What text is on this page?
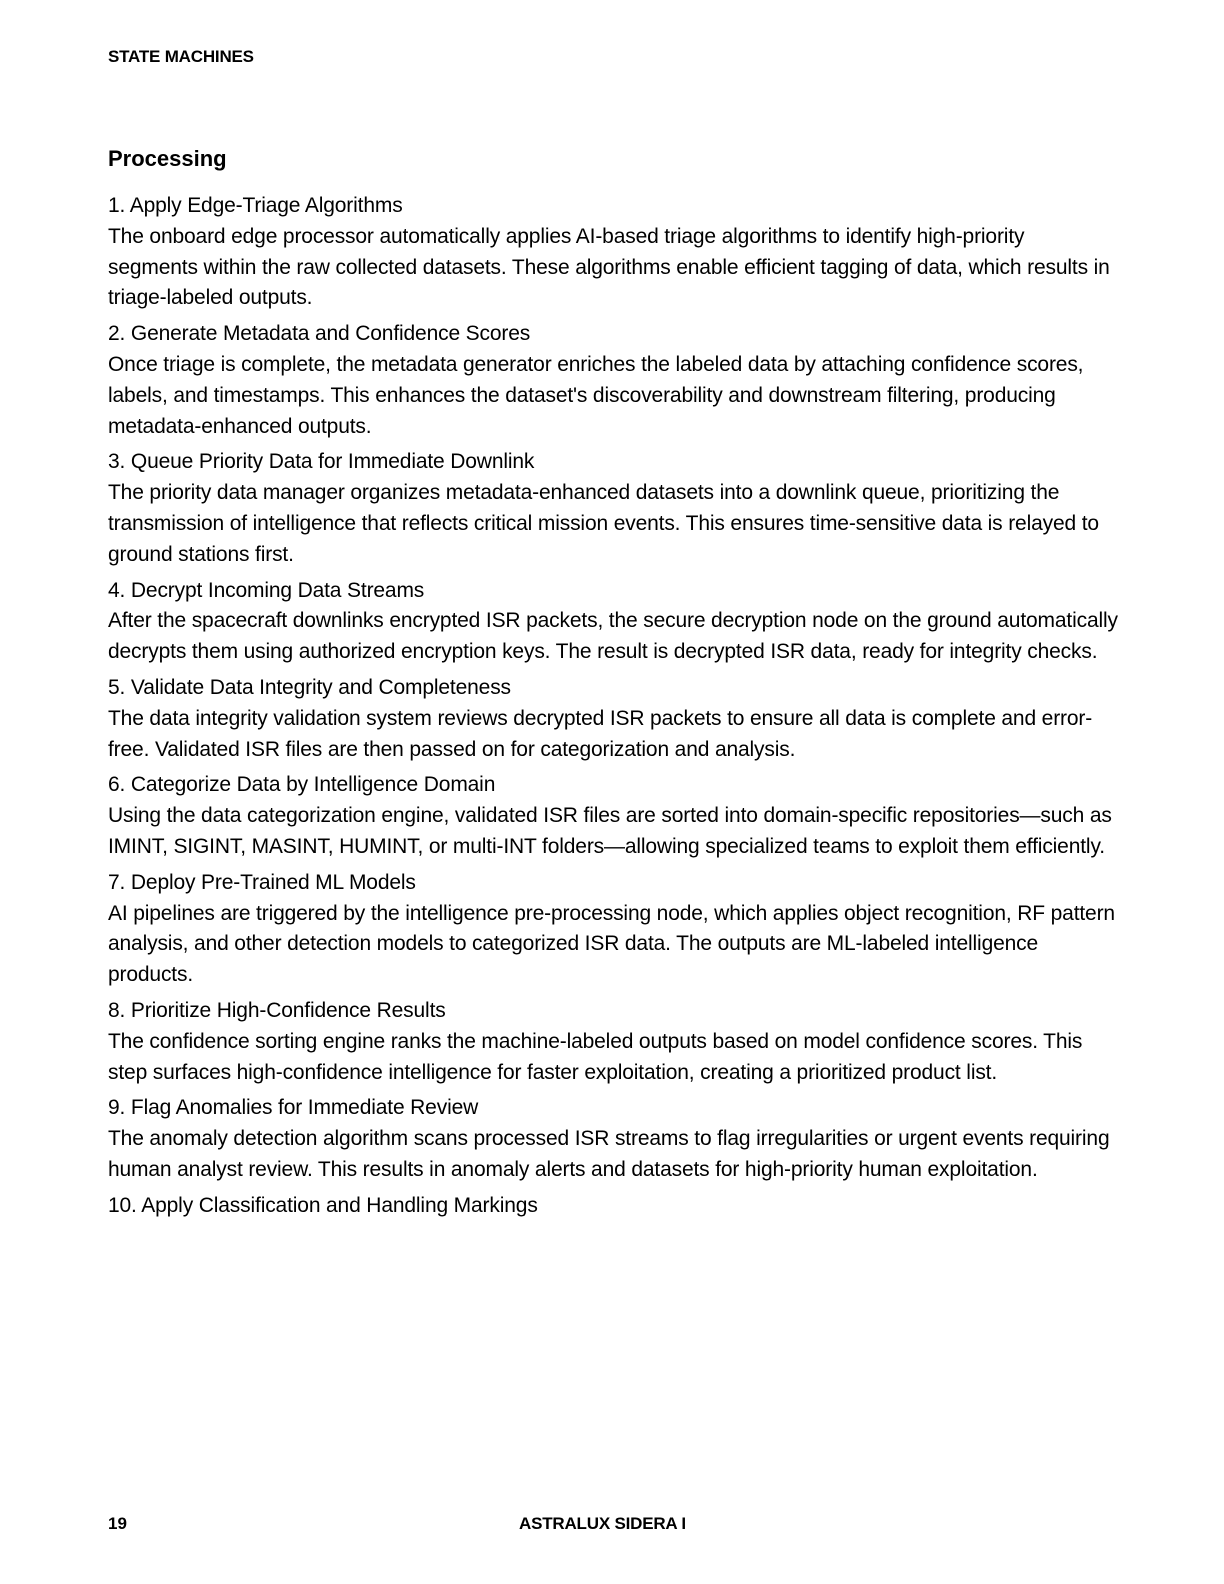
STATE MACHINES
Processing
1. Apply Edge-Triage Algorithms
The onboard edge processor automatically applies AI-based triage algorithms to identify high-priority segments within the raw collected datasets. These algorithms enable efficient tagging of data, which results in triage-labeled outputs.
2. Generate Metadata and Confidence Scores
Once triage is complete, the metadata generator enriches the labeled data by attaching confidence scores, labels, and timestamps. This enhances the dataset's discoverability and downstream filtering, producing metadata-enhanced outputs.
3. Queue Priority Data for Immediate Downlink
The priority data manager organizes metadata-enhanced datasets into a downlink queue, prioritizing the transmission of intelligence that reflects critical mission events. This ensures time-sensitive data is relayed to ground stations first.
4. Decrypt Incoming Data Streams
After the spacecraft downlinks encrypted ISR packets, the secure decryption node on the ground automatically decrypts them using authorized encryption keys. The result is decrypted ISR data, ready for integrity checks.
5. Validate Data Integrity and Completeness
The data integrity validation system reviews decrypted ISR packets to ensure all data is complete and error-free. Validated ISR files are then passed on for categorization and analysis.
6. Categorize Data by Intelligence Domain
Using the data categorization engine, validated ISR files are sorted into domain-specific repositories—such as IMINT, SIGINT, MASINT, HUMINT, or multi-INT folders—allowing specialized teams to exploit them efficiently.
7. Deploy Pre-Trained ML Models
AI pipelines are triggered by the intelligence pre-processing node, which applies object recognition, RF pattern analysis, and other detection models to categorized ISR data. The outputs are ML-labeled intelligence products.
8. Prioritize High-Confidence Results
The confidence sorting engine ranks the machine-labeled outputs based on model confidence scores. This step surfaces high-confidence intelligence for faster exploitation, creating a prioritized product list.
9. Flag Anomalies for Immediate Review
The anomaly detection algorithm scans processed ISR streams to flag irregularities or urgent events requiring human analyst review. This results in anomaly alerts and datasets for high-priority human exploitation.
10. Apply Classification and Handling Markings
19	ASTRALUX SIDERA I
